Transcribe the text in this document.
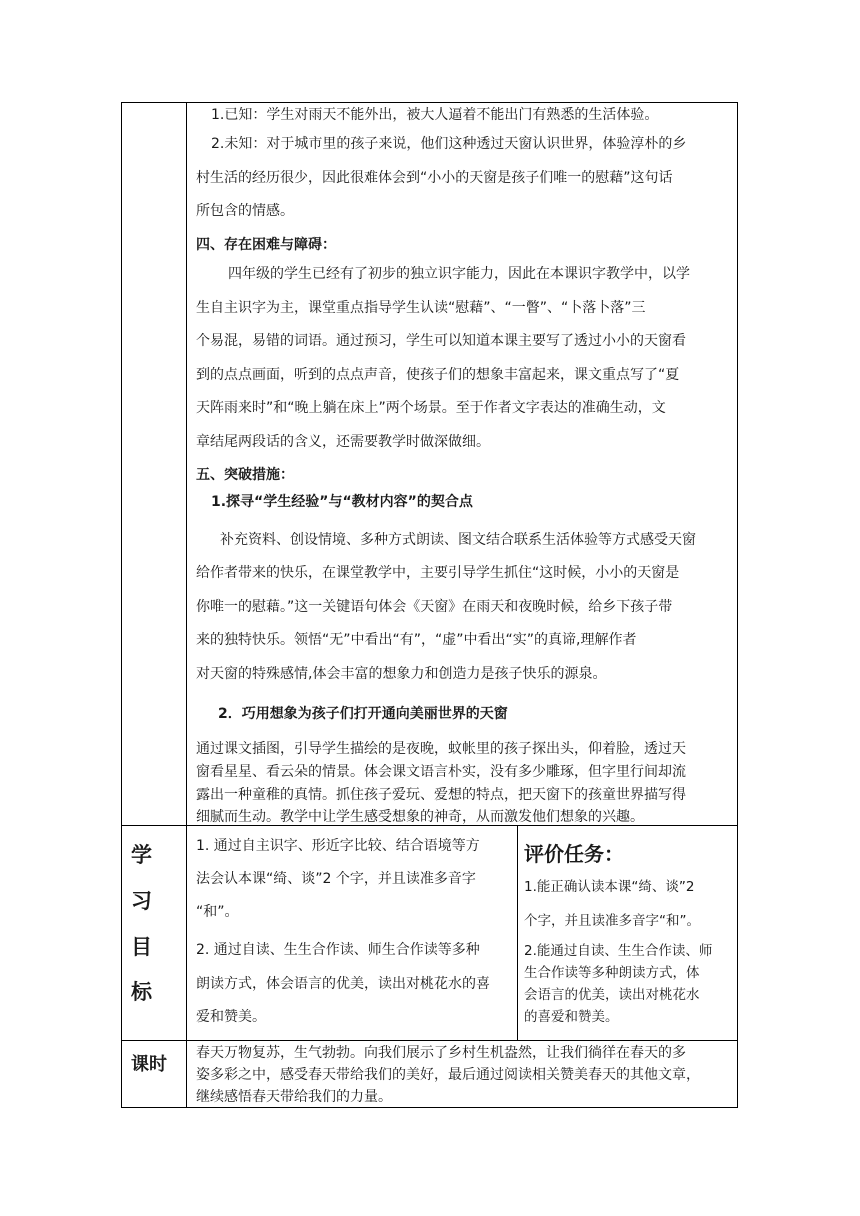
1.已知：学生对雨天不能外出，被大人逼着不能出门有熟悉的生活体验。
2.未知：对于城市里的孩子来说，他们这种透过天窗认识世界，体验淳朴的乡
村生活的经历很少，因此很难体会到“小小的天窗是孩子们唯一的慰藉”这句话
所包含的情感。
四、存在困难与障碍：
四年级的学生已经有了初步的独立识字能力，因此在本课识字教学中，以学
生自主识字为主，课堂重点指导学生认读“慰藉”、“一瞥”、“卜落卜落”三
个易混，易错的词语。通过预习，学生可以知道本课主要写了透过小小的天窗看
到的点点画面，听到的点点声音，使孩子们的想象丰富起来，课文重点写了“夏
天阵雨来时”和“晚上躺在床上”两个场景。至于作者文字表达的准确生动，文
章结尾两段话的含义，还需要教学时做深做细。
五、突破措施：
1.探寻“学生经验”与“教材内容”的契合点
补充资料、创设情境、多种方式朗读、图文结合联系生活体验等方式感受天窗
给作者带来的快乐，在课堂教学中，主要引导学生抓住“这时候，小小的天窗是
你唯一的慰藉。”这一关键语句体会《天窗》在雨天和夜晚时候，给乡下孩子带
来的独特快乐。领悟“无”中看出“有”，“虚”中看出“实”的真谛,理解作者
对天窗的特殊感情,体会丰富的想象力和创造力是孩子快乐的源泉。
2．巧用想象为孩子们打开通向美丽世界的天窗
通过课文插图，引导学生描绘的是夜晚，蚊帐里的孩子探出头，仰着脸，透过天
窗看星星、看云朵的情景。体会课文语言朴实，没有多少雕琢，但字里行间却流
露出一种童稚的真情。抓住孩子爱玩、爱想的特点，把天窗下的孩童世界描写得
细腻而生动。教学中让学生感受想象的神奇，从而激发他们想象的兴趣。
学
习
目
标
1. 通过自主识字、形近字比较、结合语境等方
法会认本课“绮、谈”2 个字，并且读准多音字
“和”。
2. 通过自读、生生合作读、师生合作读等多种
朗读方式，体会语言的优美，读出对桃花水的喜
爱和赞美。
评价任务：
1.能正确认读本课“绮、谈”2
个字，并且读准多音字“和”。
2.能通过自读、生生合作读、师
生合作读等多种朗读方式，体
会语言的优美，读出对桃花水
的喜爱和赞美。
课时
春天万物复苏，生气勃勃。向我们展示了乡村生机盎然，让我们徜徉在春天的多
姿多彩之中，感受春天带给我们的美好，最后通过阅读相关赞美春天的其他文章，
继续感悟春天带给我们的力量。
